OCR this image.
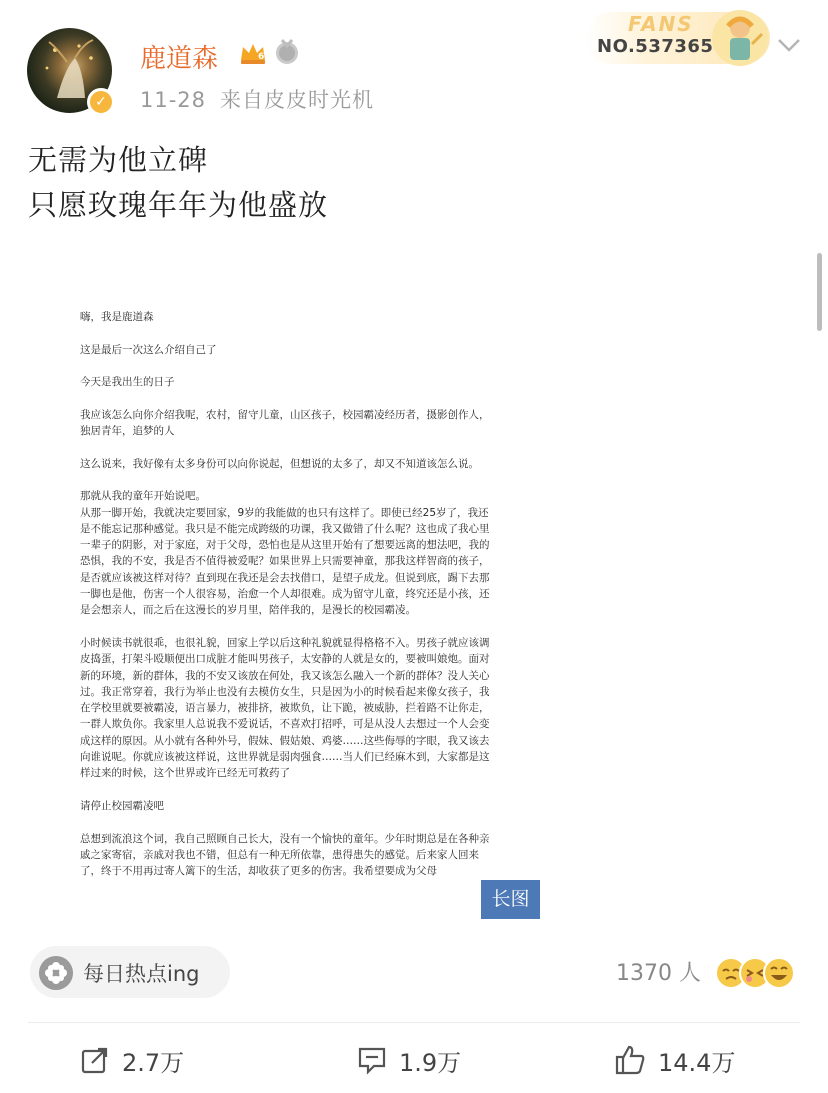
✓
鹿道森	6
11-28 来自皮皮时光机
FANS
NO.537365
无需为他立碑
只愿玫瑰年年为他盛放

嗨，我是鹿道森

这是最后一次这么介绍自己了

今天是我出生的日子

我应该怎么向你介绍我呢，农村，留守儿童，山区孩子，校园霸凌经历者，摄影创作人，独居青年，追梦的人

这么说来，我好像有太多身份可以向你说起，但想说的太多了，却又不知道该怎么说。

那就从我的童年开始说吧。
从那一脚开始，我就决定要回家，9岁的我能做的也只有这样了。即使已经25岁了，我还是不能忘记那种感觉。我只是不能完成跨级的功课，我又做错了什么呢？这也成了我心里一辈子的阴影，对于家庭，对于父母，恐怕也是从这里开始有了想要远离的想法吧，我的恐惧，我的不安，我是否不值得被爱呢？如果世界上只需要神童，那我这样智商的孩子，是否就应该被这样对待？直到现在我还是会去找借口，是望子成龙。但说到底，踢下去那一脚也是他，伤害一个人很容易，治愈一个人却很难。成为留守儿童，终究还是小孩，还是会想亲人，而之后在这漫长的岁月里，陪伴我的，是漫长的校园霸凌。

小时候读书就很乖，也很礼貌，回家上学以后这种礼貌就显得格格不入。男孩子就应该调皮捣蛋，打架斗殴顺便出口成脏才能叫男孩子，太安静的人就是女的，要被叫娘炮。面对新的环境，新的群体，我的不安又该放在何处，我又该怎么融入一个新的群体？没人关心过。我正常穿着，我行为举止也没有去模仿女生，只是因为小的时候看起来像女孩子，我在学校里就要被霸凌，语言暴力，被排挤，被欺负，让下跪，被威胁，拦着路不让你走，一群人欺负你。我家里人总说我不爱说话，不喜欢打招呼，可是从没人去想过一个人会变成这样的原因。从小就有各种外号，假妹、假姑娘、鸡婆……这些侮辱的字眼，我又该去向谁说呢。你就应该被这样说，这世界就是弱肉强食……当人们已经麻木到，大家都是这样过来的时候，这个世界或许已经无可救药了

请停止校园霸凌吧

总想到流浪这个词，我自己照顾自己长大，没有一个愉快的童年。少年时期总是在各种亲戚之家寄宿，亲戚对我也不错，但总有一种无所依靠，患得患失的感觉。后来家人回来了，终于不用再过寄人篱下的生活，却收获了更多的伤害。我希望要成为父母

长图
每日热点ing	1370 人
2.7万	1.9万	14.4万
